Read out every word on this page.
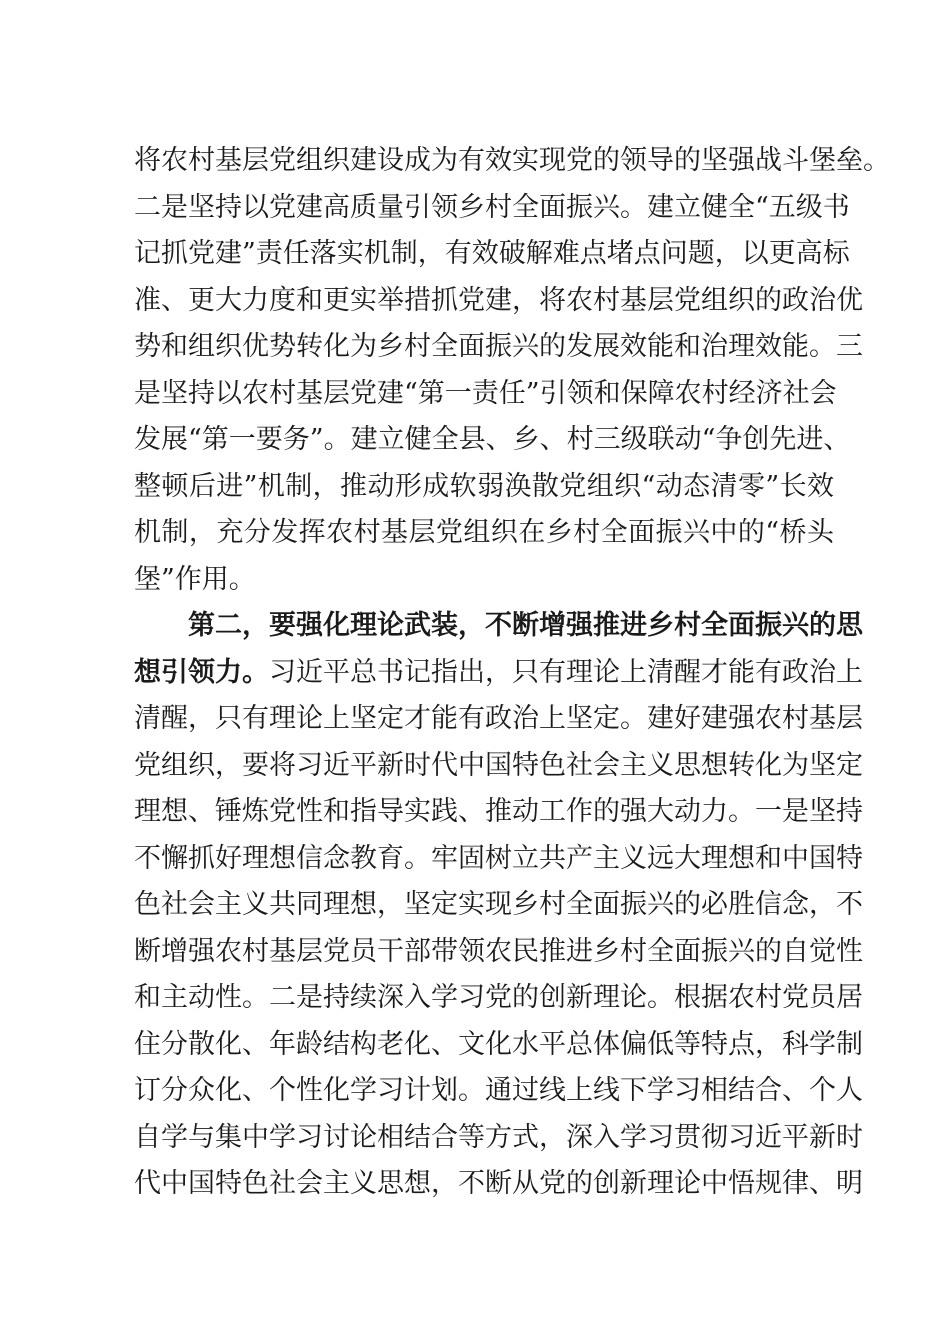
将农村基层党组织建设成为有效实现党的领导的坚强战斗堡垒。
二是坚持以党建高质量引领乡村全面振兴。建立健全“五级书
记抓党建”责任落实机制，有效破解难点堵点问题，以更高标
准、更大力度和更实举措抓党建，将农村基层党组织的政治优
势和组织优势转化为乡村全面振兴的发展效能和治理效能。三
是坚持以农村基层党建“第一责任”引领和保障农村经济社会
发展“第一要务”。建立健全县、乡、村三级联动“争创先进、
整顿后进”机制，推动形成软弱涣散党组织“动态清零”长效
机制，充分发挥农村基层党组织在乡村全面振兴中的“桥头
堡”作用。
第二，要强化理论武装，不断增强推进乡村全面振兴的思
想引领力。习近平总书记指出，只有理论上清醒才能有政治上
清醒，只有理论上坚定才能有政治上坚定。建好建强农村基层
党组织，要将习近平新时代中国特色社会主义思想转化为坚定
理想、锤炼党性和指导实践、推动工作的强大动力。一是坚持
不懈抓好理想信念教育。牢固树立共产主义远大理想和中国特
色社会主义共同理想，坚定实现乡村全面振兴的必胜信念，不
断增强农村基层党员干部带领农民推进乡村全面振兴的自觉性
和主动性。二是持续深入学习党的创新理论。根据农村党员居
住分散化、年龄结构老化、文化水平总体偏低等特点，科学制
订分众化、个性化学习计划。通过线上线下学习相结合、个人
自学与集中学习讨论相结合等方式，深入学习贯彻习近平新时
代中国特色社会主义思想，不断从党的创新理论中悟规律、明
